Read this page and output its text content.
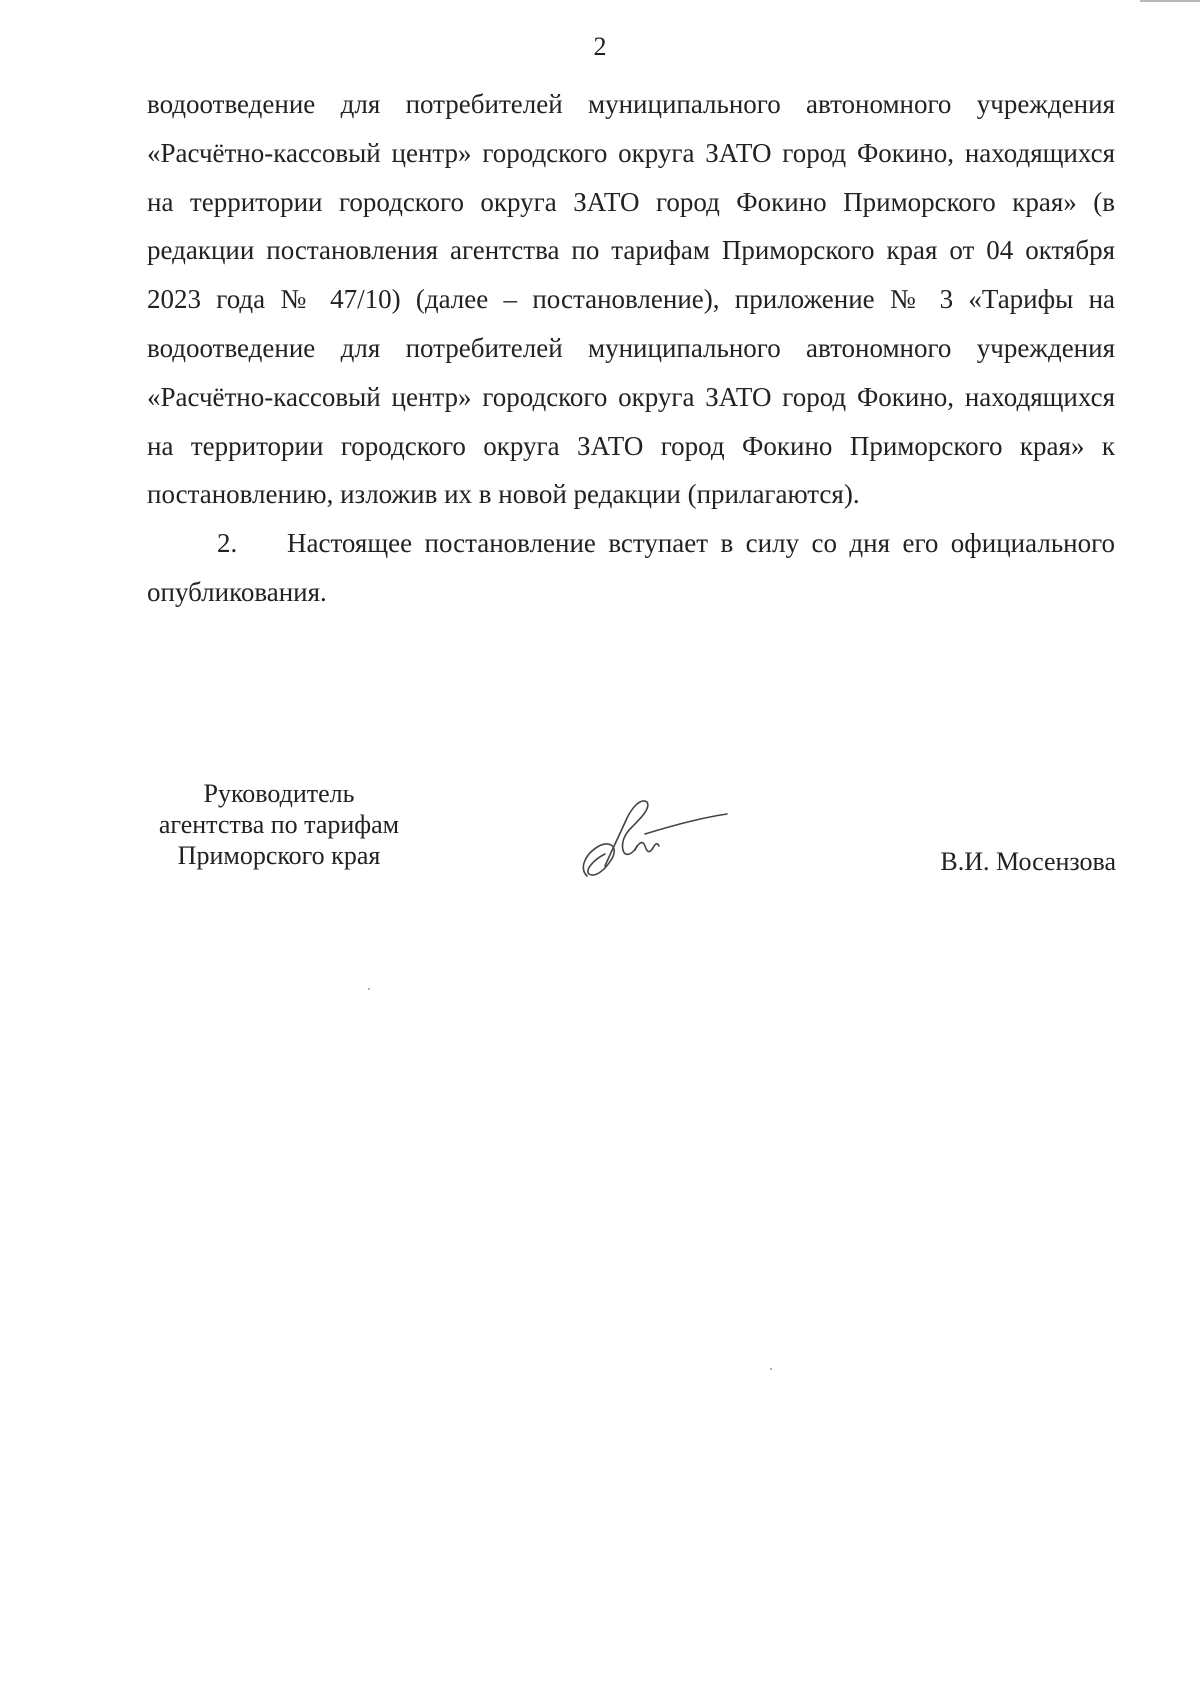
2

водоотведение для потребителей муниципального автономного учреждения «Расчётно-кассовый центр» городского округа ЗАТО город Фокино, находящихся на территории городского округа ЗАТО город Фокино Приморского края» (в редакции постановления агентства по тарифам Приморского края от 04 октября 2023 года № 47/10) (далее – постановление), приложение № 3 «Тарифы на водоотведение для потребителей муниципального автономного учреждения «Расчётно-кассовый центр» городского округа ЗАТО город Фокино, находящихся на территории городского округа ЗАТО город Фокино Приморского края» к постановлению, изложив их в новой редакции (прилагаются).

2. Настоящее постановление вступает в силу со дня его официального опубликования.

Руководитель
агентства по тарифам
Приморского края	В.И. Мосензова
